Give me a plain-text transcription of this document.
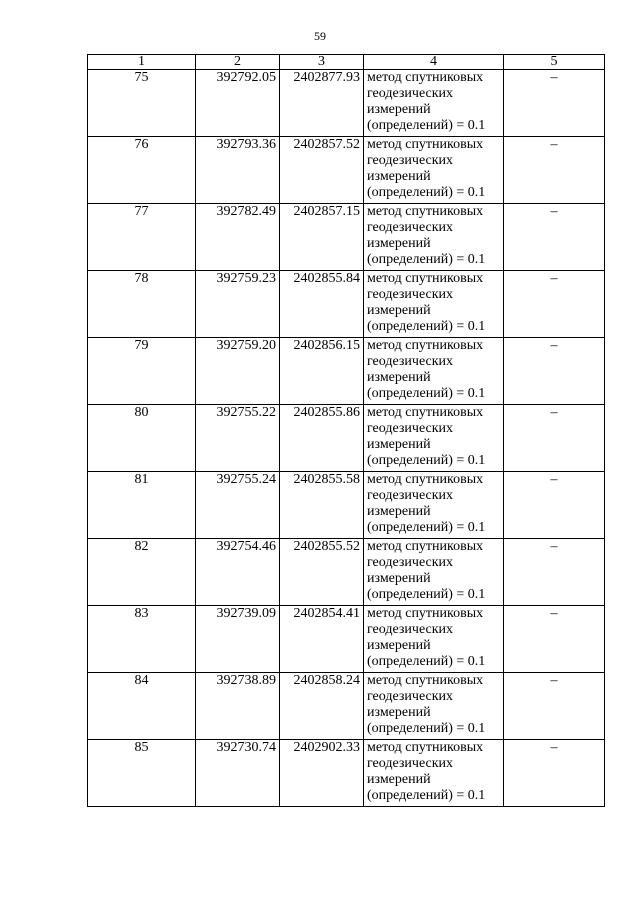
59
1	2	3	4	5
75	392792.05	2402877.93	метод спутниковых
геодезических
измерений
(определений) = 0.1	–
76	392793.36	2402857.52	метод спутниковых
геодезических
измерений
(определений) = 0.1	–
77	392782.49	2402857.15	метод спутниковых
геодезических
измерений
(определений) = 0.1	–
78	392759.23	2402855.84	метод спутниковых
геодезических
измерений
(определений) = 0.1	–
79	392759.20	2402856.15	метод спутниковых
геодезических
измерений
(определений) = 0.1	–
80	392755.22	2402855.86	метод спутниковых
геодезических
измерений
(определений) = 0.1	–
81	392755.24	2402855.58	метод спутниковых
геодезических
измерений
(определений) = 0.1	–
82	392754.46	2402855.52	метод спутниковых
геодезических
измерений
(определений) = 0.1	–
83	392739.09	2402854.41	метод спутниковых
геодезических
измерений
(определений) = 0.1	–
84	392738.89	2402858.24	метод спутниковых
геодезических
измерений
(определений) = 0.1	–
85	392730.74	2402902.33	метод спутниковых
геодезических
измерений
(определений) = 0.1	–
